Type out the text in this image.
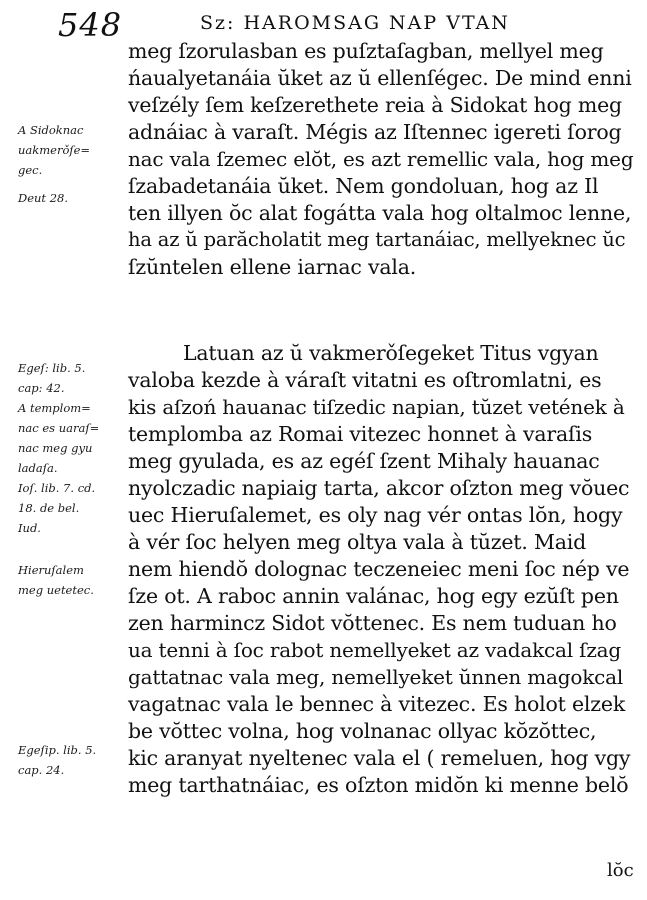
548	Sz: HAROMSAG NAP VTAN
A Sidoknac
uakmerǒſe=
gec.
Deut 28.
Egeſ: lib. 5.
cap: 42.
A templom=
nac es uaraſ=
nac meg gyu
ladaſa.
Ioſ. lib. 7. cd.
18. de bel.
Iud.
Hieruſalem
meg uetetec.
Egeſip. lib. 5.
cap. 24.
meg ſzorulasban es puſztaſagban, mellyel meg
ńaualyetanáia ŭket az ŭ ellenſégec. De mind enni
veſzély ſem keſzerethete reia à Sidokat hog meg
adnáiac à varaſt. Mégis az Iſtennec igereti ſorog
nac vala ſzemec elŏt, es azt remellic vala, hog meg
ſzabadetanáia ŭket. Nem gondoluan, hog az Il
ten illyen ŏc alat fogátta vala hog oltalmoc lenne,
ha az ŭ parăcholatit meg tartanáiac, mellyeknec ŭc
ſzŭntelen ellene iarnac vala.
Latuan az ŭ vakmerǒſegeket Titus vgyan
valoba kezde à váraſt vitatni es oſtromlatni, es
kis aſzoń hauanac tiſzedic napian, tŭzet vetének à
templomba az Romai vitezec honnet à varaſis
meg gyulada, es az egéſ ſzent Mihaly hauanac
nyolczadic napiaig tarta, akcor oſzton meg vŏuec
uec Hieruſalemet, es oly nag vér ontas lŏn, hogy
à vér ſoc helyen meg oltya vala à tŭzet. Maid
nem hiendŏ dolognac teczeneiec meni ſoc nép ve
ſze ot. A raboc annin valánac, hog egy ezŭſt pen
zen harmincz Sidot vŏttenec. Es nem tuduan ho
ua tenni à ſoc rabot nemellyeket az vadakcal ſzag
gattatnac vala meg, nemellyeket ŭnnen magokcal
vagatnac vala le bennec à vitezec. Es holot elzek
be vŏttec volna, hog volnanac ollyac kŏzŏttec,
kic aranyat nyeltenec vala el ( remeluen, hog vgy
meg tarthatnáiac, es oſzton midŏn ki menne belŏ
lŏc
